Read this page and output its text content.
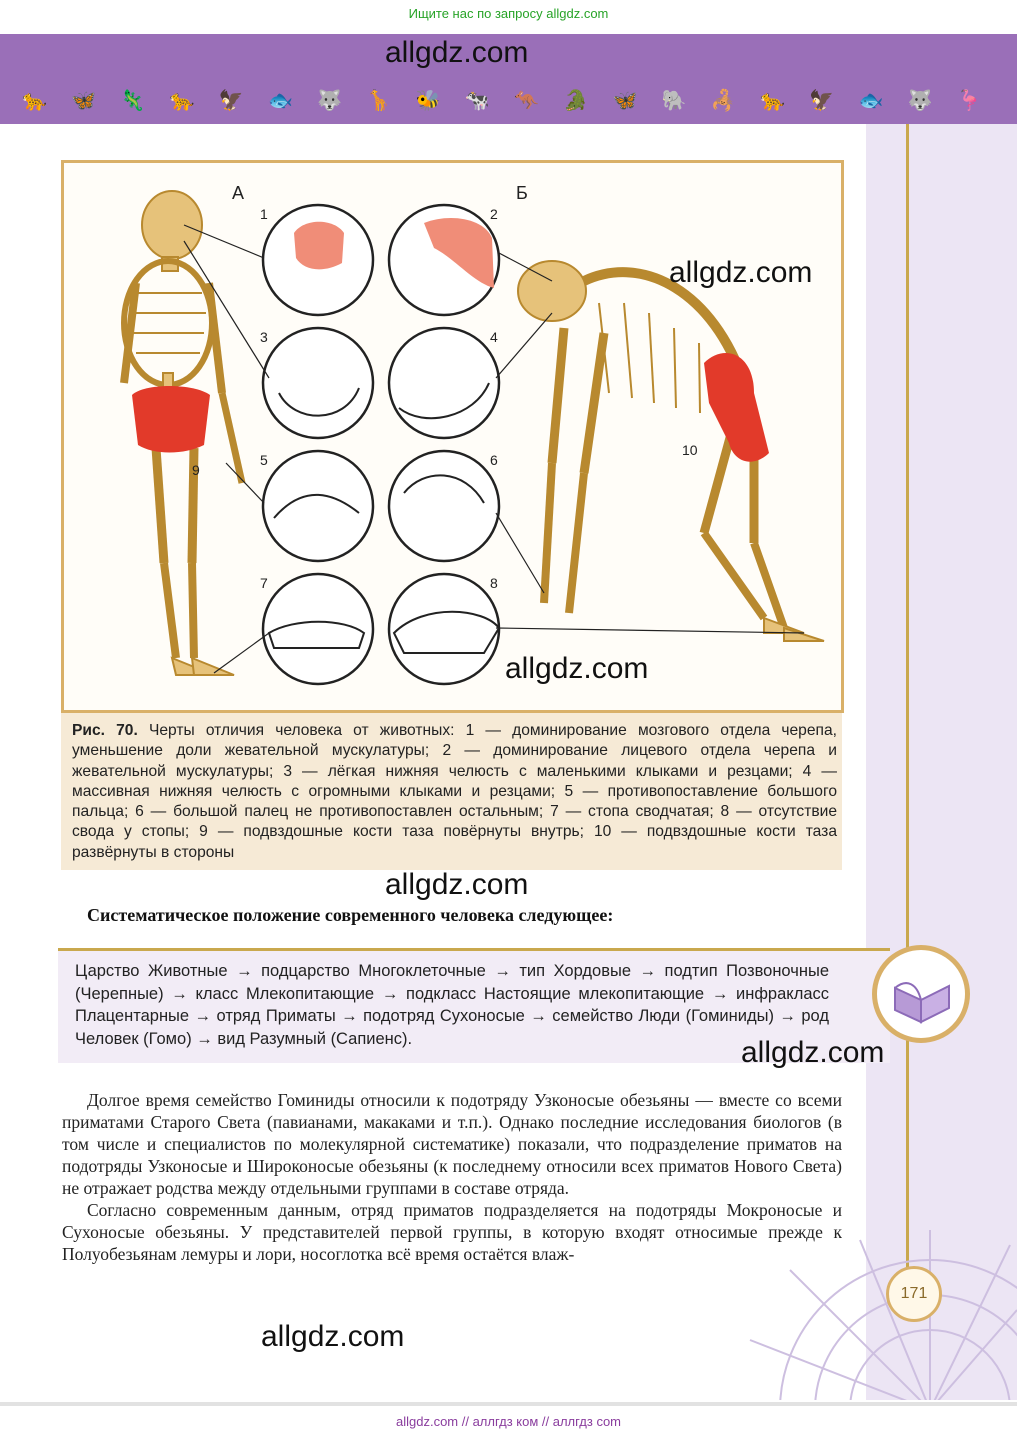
Ищите нас по запросу allgdz.com
allgdz.com
🐆 🦋 🦎 🐆 🦅 🐟 🐺 🦒 🐝 🐄 🦘 🐊 🦋 🐘 🦂 🐆 🦅 🐟 🐺 🦩
А	Б
1	2
3	4
5	6
7	8
9
10
allgdz.com
allgdz.com

Рис. 70. Черты отличия человека от животных: 1 — доминирование мозгового отдела черепа, уменьшение доли жевательной мускулатуры; 2 — доминирование лицевого отдела черепа и жевательной мускулатуры; 3 — лёгкая нижняя челюсть с маленькими клыками и резцами; 4 — массивная нижняя челюсть с огромными клыками и резцами; 5 — противопоставление большого пальца; 6 — большой палец не противопоставлен остальным; 7 — стопа сводчатая; 8 — отсутствие свода у стопы; 9 — подвздошные кости таза повёрнуты внутрь; 10 — подвздошные кости таза развёрнуты в стороны

allgdz.com
Систематическое положение современного человека следующее:

Царство Животные → подцарство Многоклеточные → тип Хордовые → подтип Позвоночные (Черепные) → класс Млекопитающие → подкласс Настоящие млекопитающие → инфракласс Плацентарные → отряд Приматы → подотряд Сухоносые → семейство Люди (Гоминиды) → род Человек (Гомо) → вид Разумный (Сапиенс).	allgdz.com

Долгое время семейство Гоминиды относили к подотряду Узконосые обезьяны — вместе со всеми приматами Старого Света (павианами, макаками и т.п.). Однако последние исследования биологов (в том числе и специалистов по молекулярной систематике) показали, что подразделение приматов на подотряды Узконосые и Широконосые обезьяны (к последнему относили всех приматов Нового Света) не отражает родства между отдельными группами в составе отряда.

Согласно современным данным, отряд приматов подразделяется на подотряды Мокроносые и Сухоносые обезьяны. У представителей первой группы, в которую входят относимые прежде к Полуобезьянам лемуры и лори, носоглотка всё время остаётся влаж-

171
allgdz.com
allgdz.com // аллгдз ком // аллгдз com
